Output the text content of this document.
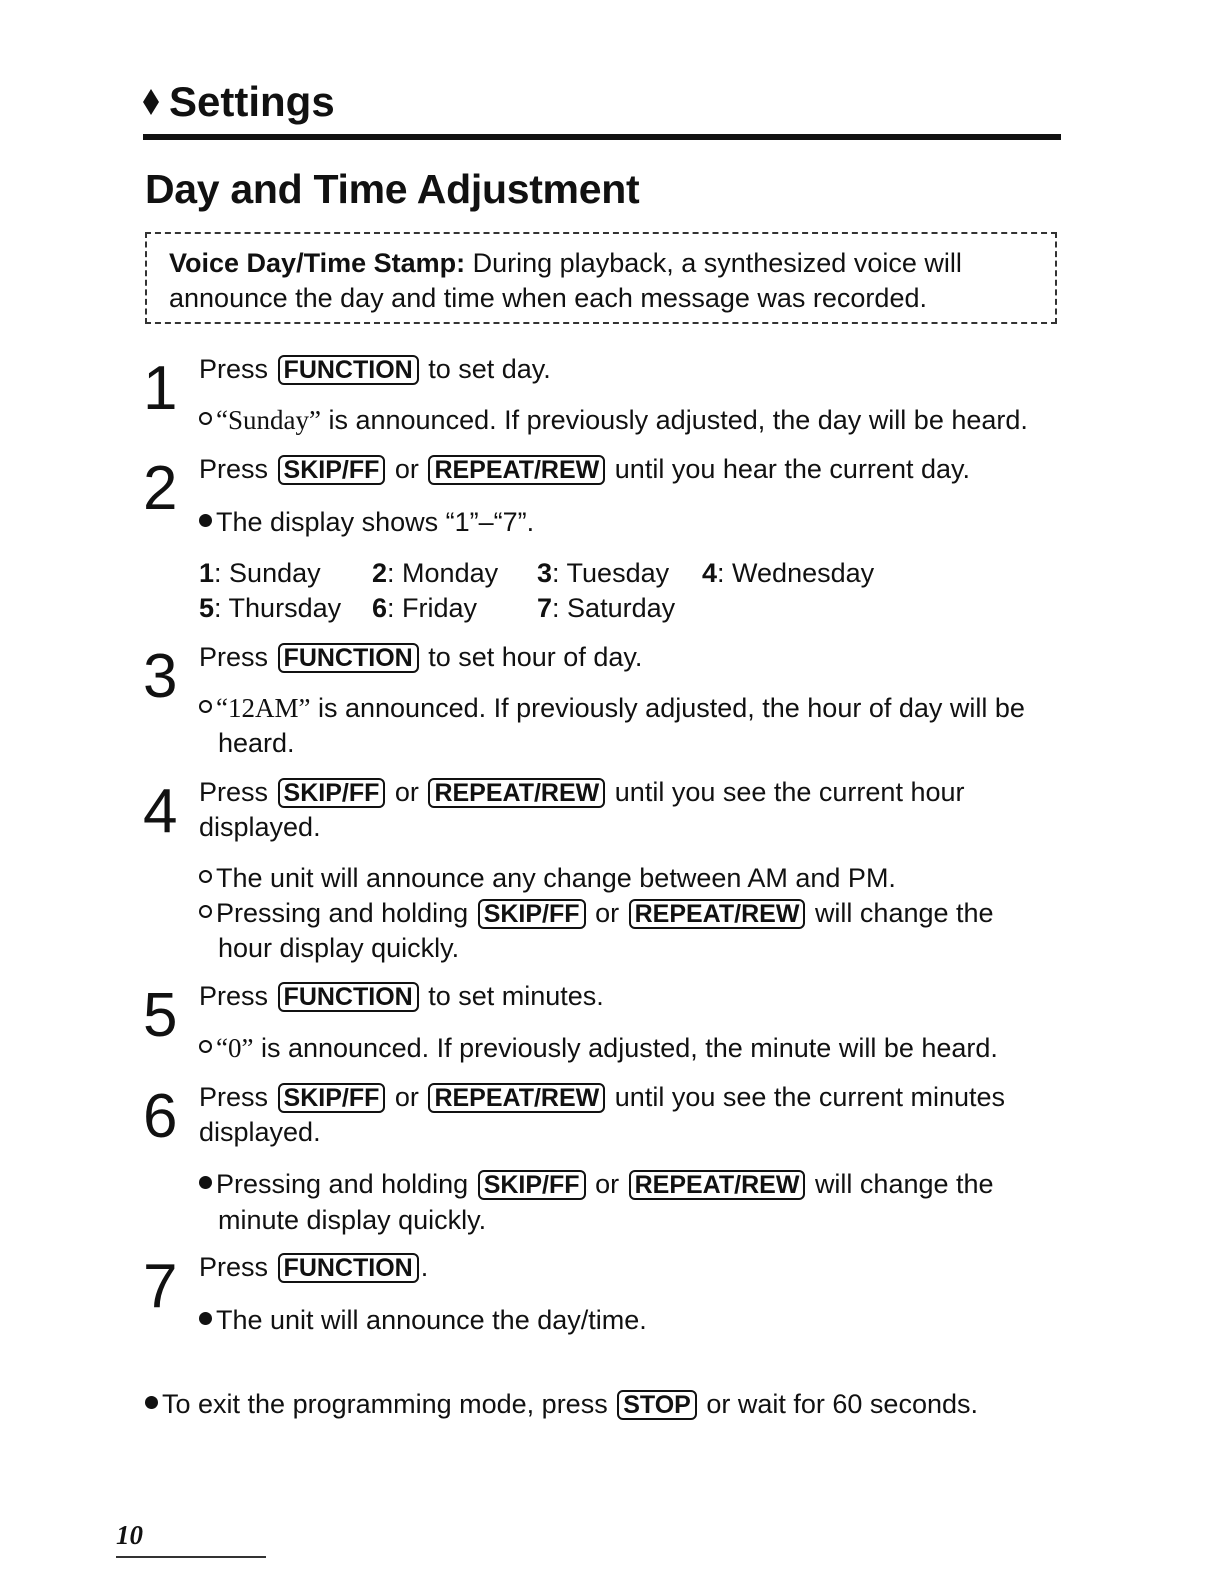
Settings
Day and Time Adjustment
Voice Day/Time Stamp: During playback, a synthesized voice will
announce the day and time when each message was recorded.
1 Press FUNCTION to set day.
“Sunday” is announced. If previously adjusted, the day will be heard.
2 Press SKIP/FF or REPEAT/REW until you hear the current day.
The display shows “1”–“7”.
1: Sunday 2: Monday 3: Tuesday 4: Wednesday
5: Thursday 6: Friday 7: Saturday
3 Press FUNCTION to set hour of day.
“12AM” is announced. If previously adjusted, the hour of day will be
heard.
4 Press SKIP/FF or REPEAT/REW until you see the current hour
displayed.
The unit will announce any change between AM and PM.
Pressing and holding SKIP/FF or REPEAT/REW will change the
hour display quickly.
5 Press FUNCTION to set minutes.
“0” is announced. If previously adjusted, the minute will be heard.
6 Press SKIP/FF or REPEAT/REW until you see the current minutes
displayed.
Pressing and holding SKIP/FF or REPEAT/REW will change the
minute display quickly.
7 Press FUNCTION .
The unit will announce the day/time.
To exit the programming mode, press STOP or wait for 60 seconds.
10
